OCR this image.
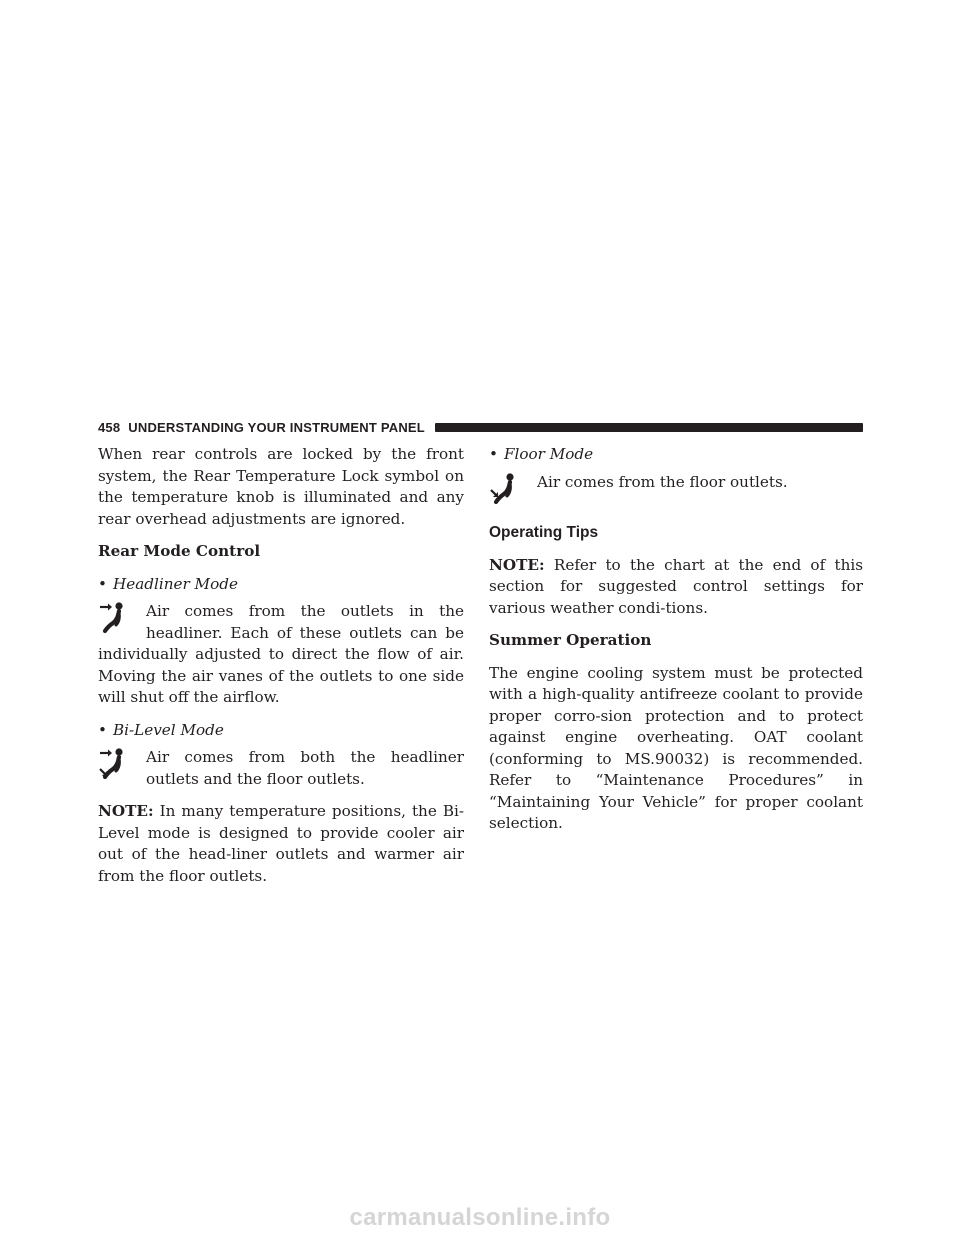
458 UNDERSTANDING YOUR INSTRUMENT PANEL

When rear controls are locked by the front system, the Rear Temperature Lock symbol on the temperature knob is illuminated and any rear overhead adjustments are ignored.

Rear Mode Control
• Headliner Mode

Air comes from the outlets in the headliner. Each of these outlets can be individually adjusted to direct the flow of air. Moving the air vanes of the outlets to one side will shut off the airflow.

• Bi-Level Mode

Air comes from both the headliner outlets and the floor outlets.

NOTE: In many temperature positions, the Bi-Level mode is designed to provide cooler air out of the head-liner outlets and warmer air from the floor outlets.

• Floor Mode

Air comes from the floor outlets.

Operating Tips

NOTE: Refer to the chart at the end of this section for suggested control settings for various weather condi-tions.

Summer Operation

The engine cooling system must be protected with a high-quality antifreeze coolant to provide proper corro-sion protection and to protect against engine overheating. OAT coolant (conforming to MS.90032) is recommended. Refer to “Maintenance Procedures” in “Maintaining Your Vehicle” for proper coolant selection.

carmanualsonline.info
